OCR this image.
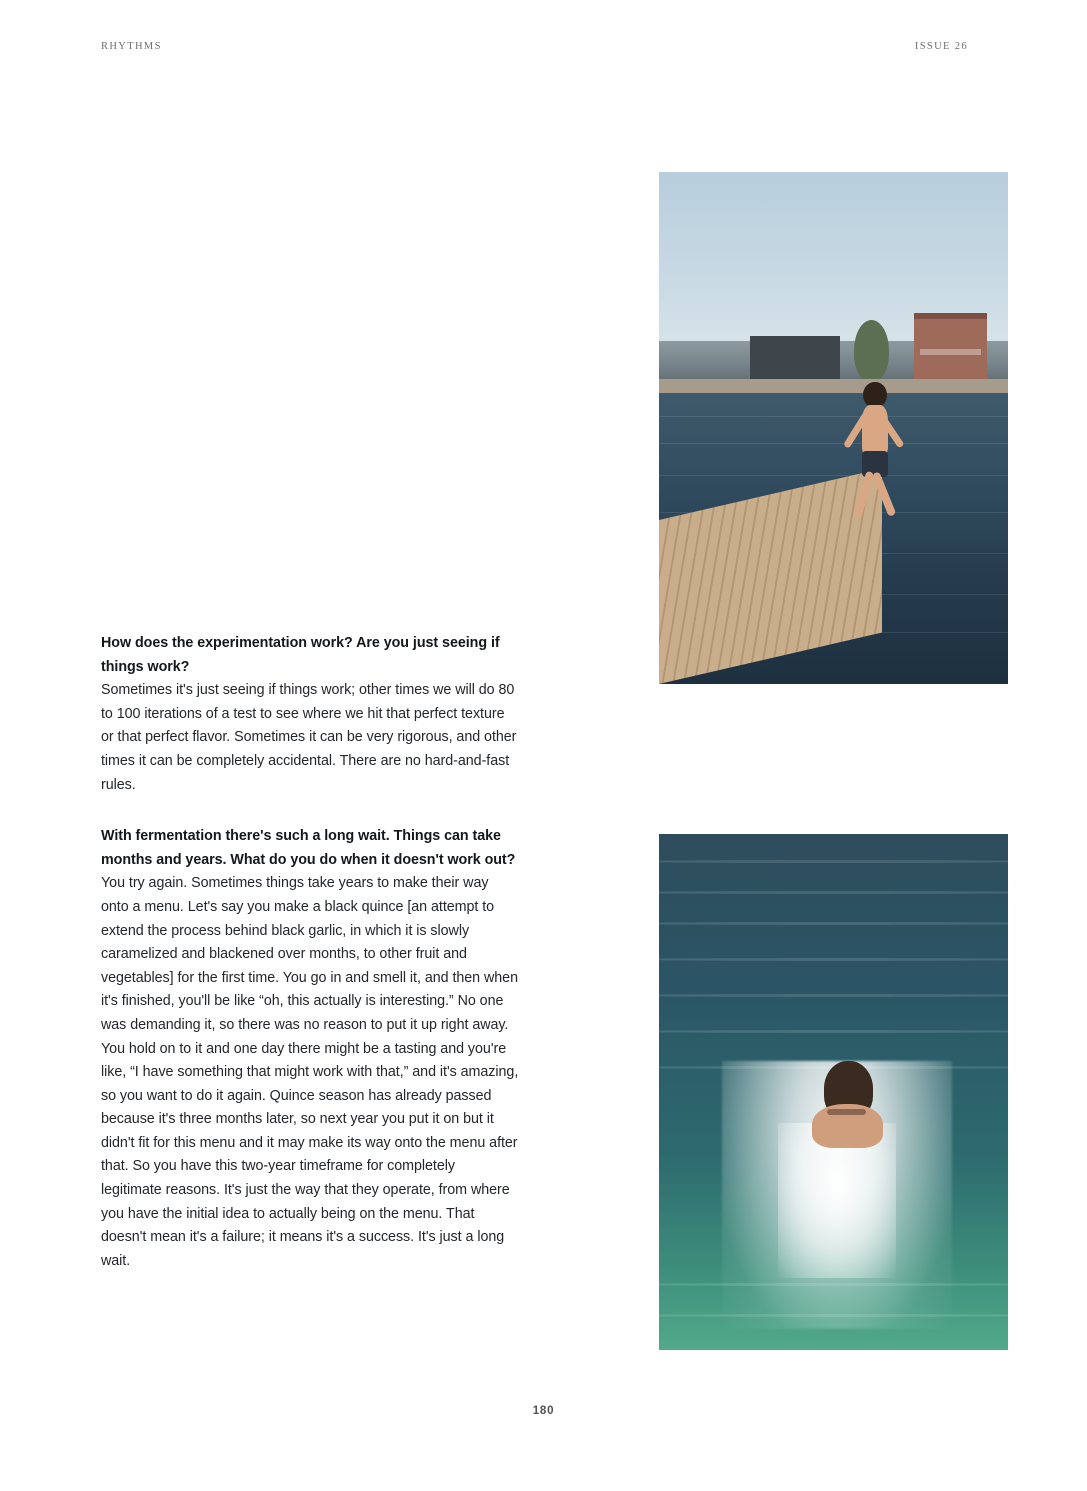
RHYTHMS	ISSUE 26

How does the experimentation work? Are you just seeing if things work?

Sometimes it's just seeing if things work; other times we will do 80 to 100 iterations of a test to see where we hit that perfect texture or that perfect flavor. Sometimes it can be very rigorous, and other times it can be completely accidental. There are no hard-and-fast rules.

With fermentation there's such a long wait. Things can take months and years. What do you do when it doesn't work out?

You try again. Sometimes things take years to make their way onto a menu. Let's say you make a black quince [an attempt to extend the process behind black garlic, in which it is slowly caramelized and blackened over months, to other fruit and vegetables] for the first time. You go in and smell it, and then when it's finished, you'll be like “oh, this actually is interesting.” No one was demanding it, so there was no reason to put it up right away. You hold on to it and one day there might be a tasting and you're like, “I have something that might work with that,” and it's amazing, so you want to do it again. Quince season has already passed because it's three months later, so next year you put it on but it didn't fit for this menu and it may make its way onto the menu after that. So you have this two-year timeframe for completely legitimate reasons. It's just the way that they operate, from where you have the initial idea to actually being on the menu. That doesn't mean it's a failure; it means it's a success. It's just a long wait.

180
